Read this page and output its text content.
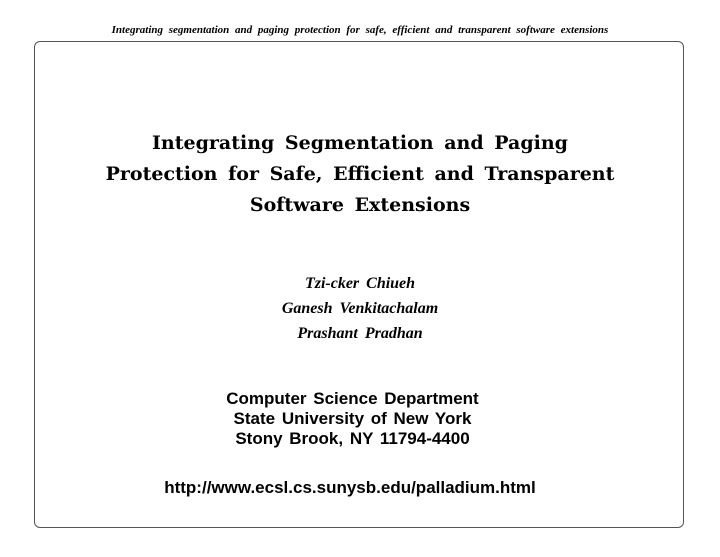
Integrating segmentation and paging protection for safe, efficient and transparent software extensions
Integrating Segmentation and Paging
Protection for Safe, Efficient and Transparent
Software Extensions
Tzi-cker Chiueh
Ganesh Venkitachalam
Prashant Pradhan
Computer Science Department
State University of New York
Stony Brook, NY 11794-4400
http://www.ecsl.cs.sunysb.edu/palladium.html
